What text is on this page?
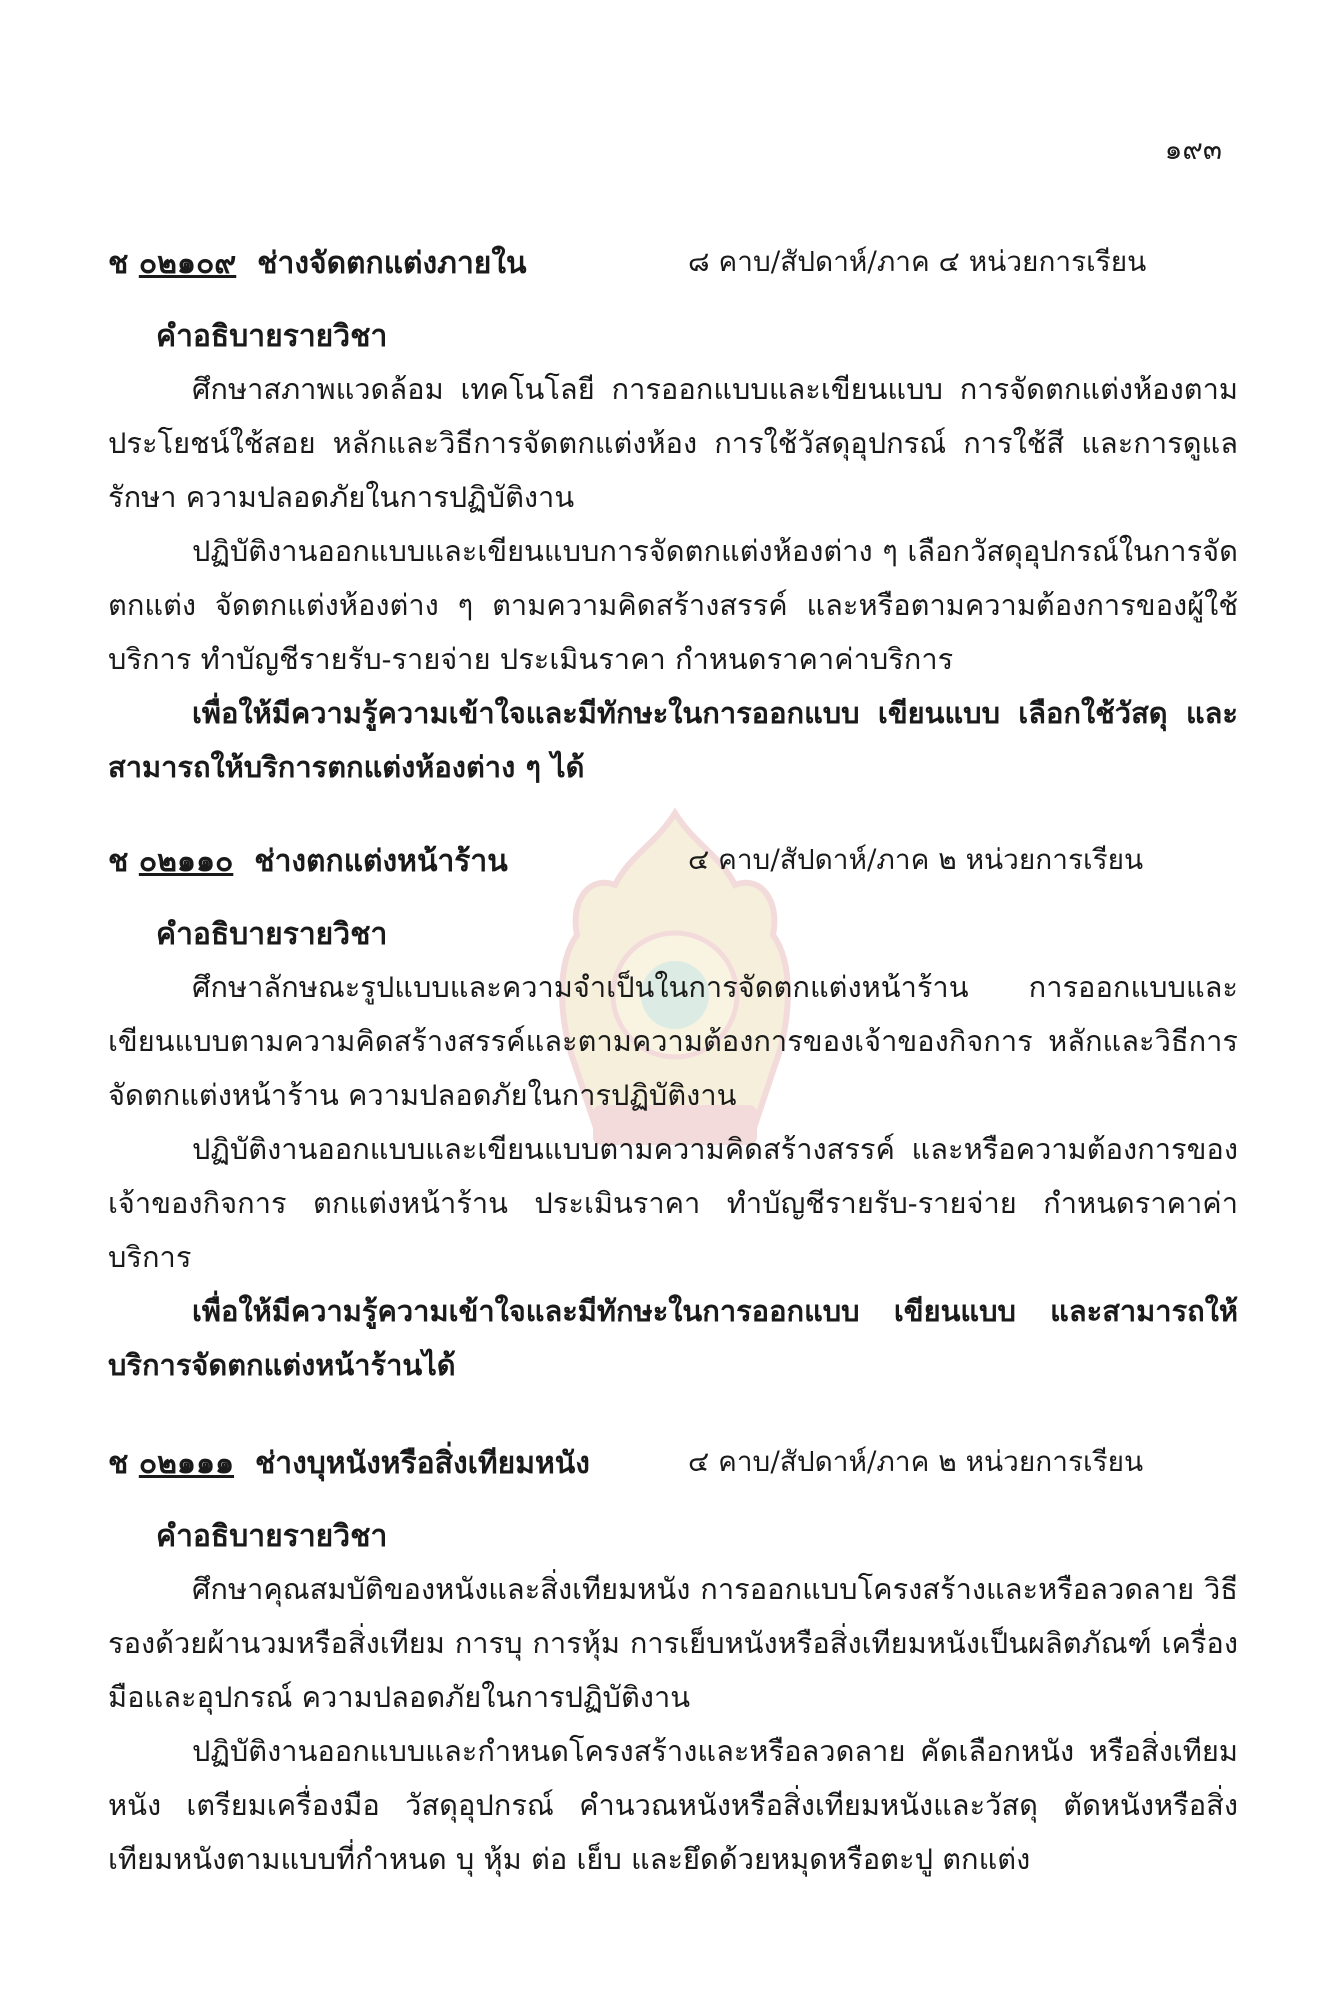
๑๙๓
ช ๐๒๑๐๙ ช่างจัดตกแต่งภายใน	๘ คาบ/สัปดาห์/ภาค ๔ หน่วยการเรียน
คำอธิบายรายวิชา

ศึกษาสภาพแวดล้อม เทคโนโลยี การออกแบบและเขียนแบบ การจัดตกแต่งห้องตามประโยชน์ใช้สอย หลักและวิธีการจัดตกแต่งห้อง การใช้วัสดุอุปกรณ์ การใช้สี และการดูแลรักษา ความปลอดภัยในการปฏิบัติงาน

ปฏิบัติงานออกแบบและเขียนแบบการจัดตกแต่งห้องต่าง ๆ เลือกวัสดุอุปกรณ์ในการจัดตกแต่ง จัดตกแต่งห้องต่าง ๆ ตามความคิดสร้างสรรค์ และหรือตามความต้องการของผู้ใช้บริการ ทำบัญชีรายรับ-รายจ่าย ประเมินราคา กำหนดราคาค่าบริการ

เพื่อให้มีความรู้ความเข้าใจและมีทักษะในการออกแบบ เขียนแบบ เลือกใช้วัสดุ และสามารถให้บริการตกแต่งห้องต่าง ๆ ได้

ช ๐๒๑๑๐ ช่างตกแต่งหน้าร้าน	๔ คาบ/สัปดาห์/ภาค ๒ หน่วยการเรียน
คำอธิบายรายวิชา

ศึกษาลักษณะรูปแบบและความจำเป็นในการจัดตกแต่งหน้าร้าน การออกแบบและเขียนแบบตามความคิดสร้างสรรค์และตามความต้องการของเจ้าของกิจการ หลักและวิธีการจัดตกแต่งหน้าร้าน ความปลอดภัยในการปฏิบัติงาน

ปฏิบัติงานออกแบบและเขียนแบบตามความคิดสร้างสรรค์ และหรือความต้องการของเจ้าของกิจการ ตกแต่งหน้าร้าน ประเมินราคา ทำบัญชีรายรับ-รายจ่าย กำหนดราคาค่าบริการ

เพื่อให้มีความรู้ความเข้าใจและมีทักษะในการออกแบบ เขียนแบบ และสามารถให้บริการจัดตกแต่งหน้าร้านได้

ช ๐๒๑๑๑ ช่างบุหนังหรือสิ่งเทียมหนัง	๔ คาบ/สัปดาห์/ภาค ๒ หน่วยการเรียน
คำอธิบายรายวิชา

ศึกษาคุณสมบัติของหนังและสิ่งเทียมหนัง การออกแบบโครงสร้างและหรือลวดลาย วิธีรองด้วยผ้านวมหรือสิ่งเทียม การบุ การหุ้ม การเย็บหนังหรือสิ่งเทียมหนังเป็นผลิตภัณฑ์ เครื่องมือและอุปกรณ์ ความปลอดภัยในการปฏิบัติงาน

ปฏิบัติงานออกแบบและกำหนดโครงสร้างและหรือลวดลาย คัดเลือกหนัง หรือสิ่งเทียมหนัง เตรียมเครื่องมือ วัสดุอุปกรณ์ คำนวณหนังหรือสิ่งเทียมหนังและวัสดุ ตัดหนังหรือสิ่งเทียมหนังตามแบบที่กำหนด บุ หุ้ม ต่อ เย็บ และยึดด้วยหมุดหรือตะปู ตกแต่ง
